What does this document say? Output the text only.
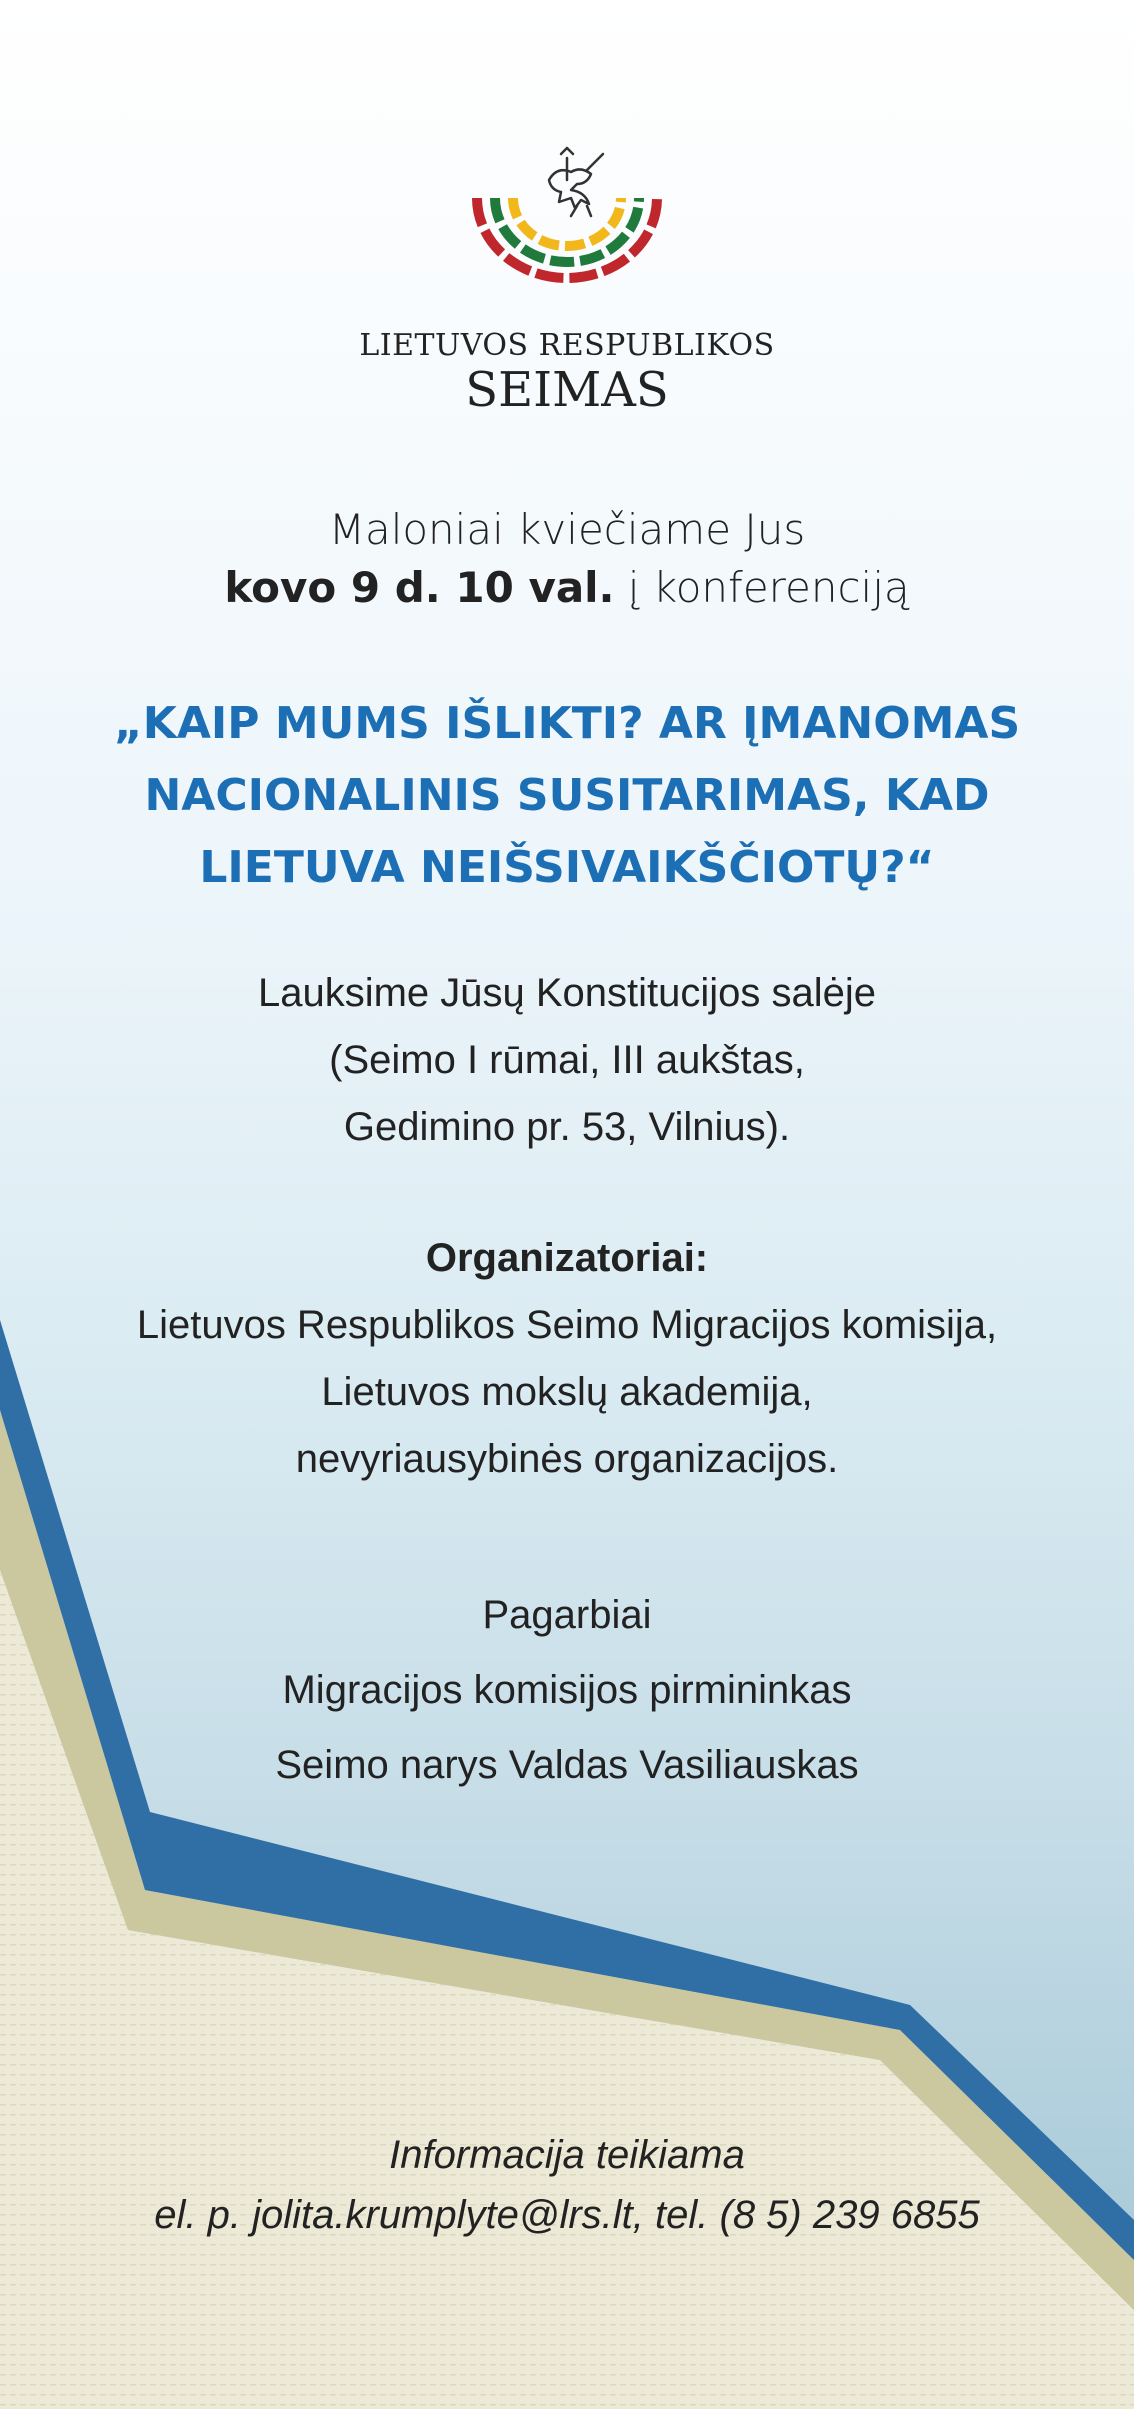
LIETUVOS RESPUBLIKOS
SEIMAS
Maloniai kviečiame Jus
kovo 9 d. 10 val. į konferenciją
„KAIP MUMS IŠLIKTI? AR ĮMANOMAS
NACIONALINIS SUSITARIMAS, KAD
LIETUVA NEIŠSIVAIKŠČIOTŲ?“
Lauksime Jūsų Konstitucijos salėje
(Seimo I rūmai, III aukštas,
Gedimino pr. 53, Vilnius).
Organizatoriai:
Lietuvos Respublikos Seimo Migracijos komisija,
Lietuvos mokslų akademija,
nevyriausybinės organizacijos.
Pagarbiai
Migracijos komisijos pirmininkas
Seimo narys Valdas Vasiliauskas
Informacija teikiama
el. p. jolita.krumplyte@lrs.lt, tel. (8 5) 239 6855
